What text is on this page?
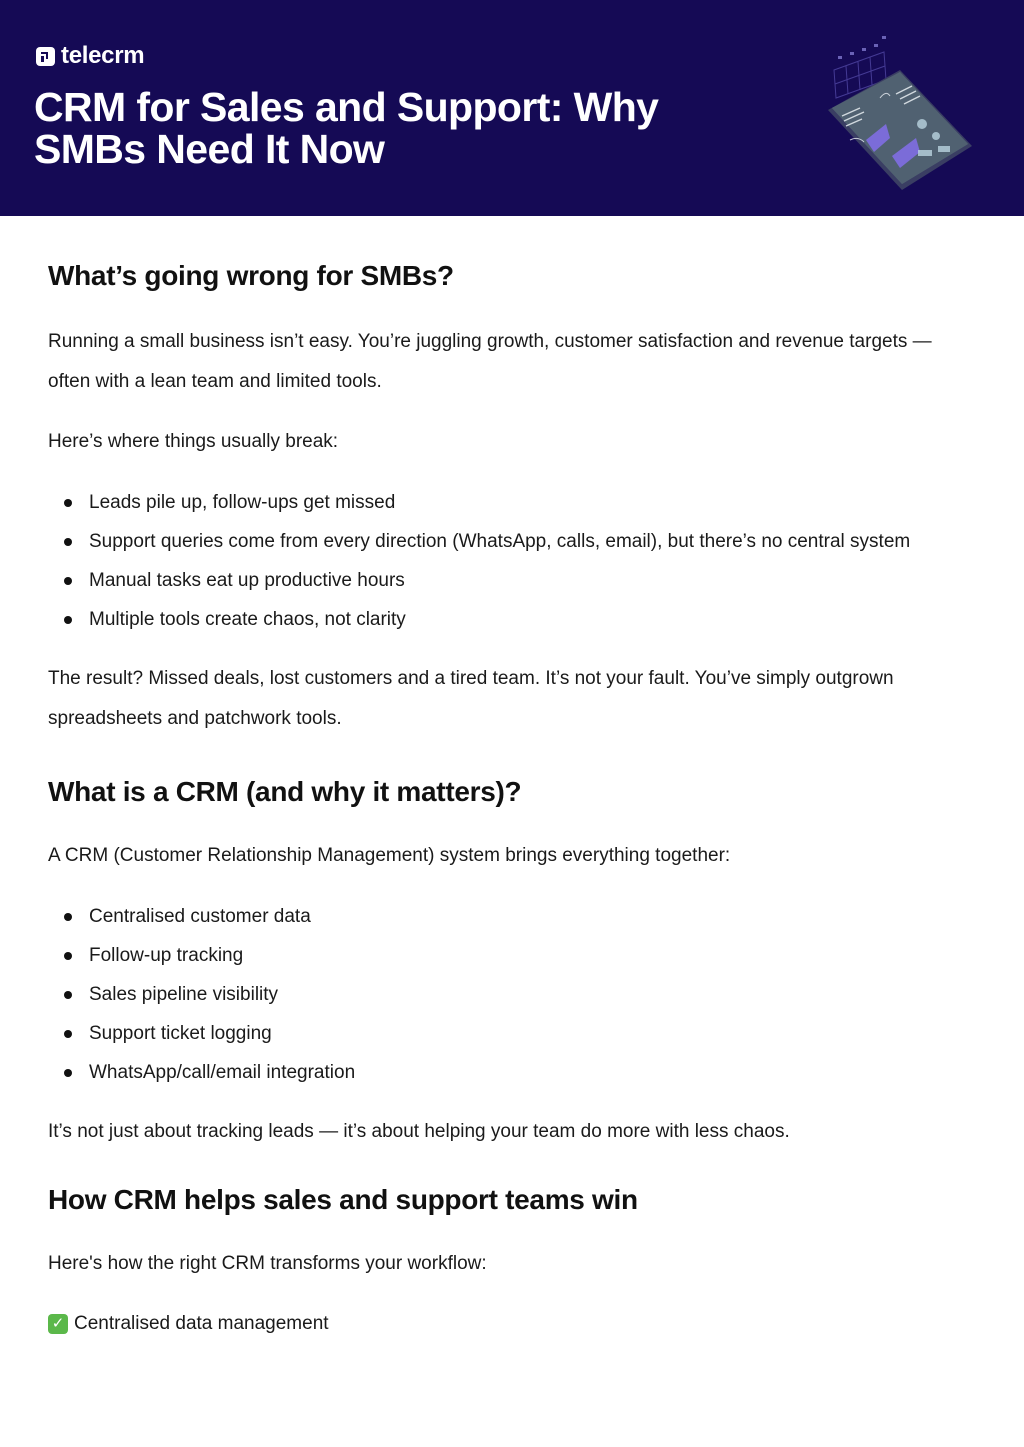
telecrm
CRM for Sales and Support: Why SMBs Need It Now
What’s going wrong for SMBs?

Running a small business isn’t easy. You’re juggling growth, customer satisfaction and revenue targets — often with a lean team and limited tools.

Here’s where things usually break:

Leads pile up, follow-ups get missed
Support queries come from every direction (WhatsApp, calls, email), but there’s no central system
Manual tasks eat up productive hours
Multiple tools create chaos, not clarity

The result? Missed deals, lost customers and a tired team. It’s not your fault. You’ve simply outgrown spreadsheets and patchwork tools.

What is a CRM (and why it matters)?

A CRM (Customer Relationship Management) system brings everything together:

Centralised customer data
Follow-up tracking
Sales pipeline visibility
Support ticket logging
WhatsApp/call/email integration

It’s not just about tracking leads — it’s about helping your team do more with less chaos.

How CRM helps sales and support teams win

Here's how the right CRM transforms your workflow:

✓ Centralised data management
